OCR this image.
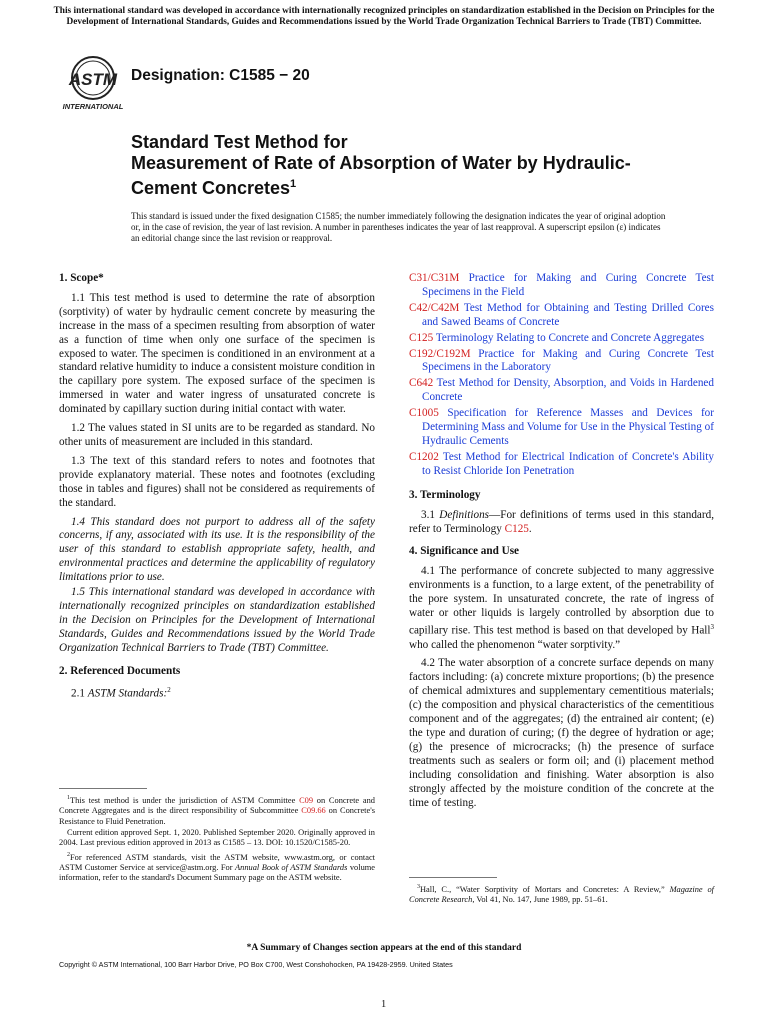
This international standard was developed in accordance with internationally recognized principles on standardization established in the Decision on Principles for the Development of International Standards, Guides and Recommendations issued by the World Trade Organization Technical Barriers to Trade (TBT) Committee.
ASTM
INTERNATIONAL
Designation: C1585 − 20
Standard Test Method for
Measurement of Rate of Absorption of Water by Hydraulic-
Cement Concretes$^1$

This standard is issued under the fixed designation C1585; the number immediately following the designation indicates the year of original adoption or, in the case of revision, the year of last revision. A number in parentheses indicates the year of last reapproval. A superscript epsilon (ε) indicates an editorial change since the last revision or reapproval.

1. Scope*

1.1 This test method is used to determine the rate of absorption (sorptivity) of water by hydraulic cement concrete by measuring the increase in the mass of a specimen resulting from absorption of water as a function of time when only one surface of the specimen is exposed to water. The specimen is conditioned in an environment at a standard relative humidity to induce a consistent moisture condition in the capillary pore system. The exposed surface of the specimen is immersed in water and water ingress of unsaturated concrete is dominated by capillary suction during initial contact with water.

1.2 The values stated in SI units are to be regarded as standard. No other units of measurement are included in this standard.

1.3 The text of this standard refers to notes and footnotes that provide explanatory material. These notes and footnotes (excluding those in tables and figures) shall not be considered as requirements of the standard.

1.4 This standard does not purport to address all of the safety concerns, if any, associated with its use. It is the responsibility of the user of this standard to establish appropriate safety, health, and environmental practices and determine the applicability of regulatory limitations prior to use.

1.5 This international standard was developed in accordance with internationally recognized principles on standardization established in the Decision on Principles for the Development of International Standards, Guides and Recommendations issued by the World Trade Organization Technical Barriers to Trade (TBT) Committee.

2. Referenced Documents

2.1 ASTM Standards:$^2$

$^1$This test method is under the jurisdiction of ASTM Committee C09 on Concrete and Concrete Aggregates and is the direct responsibility of Subcommittee C09.66 on Concrete's Resistance to Fluid Penetration.

Current edition approved Sept. 1, 2020. Published September 2020. Originally approved in 2004. Last previous edition approved in 2013 as C1585 – 13. DOI: 10.1520/C1585-20.

$^2$For referenced ASTM standards, visit the ASTM website, www.astm.org, or contact ASTM Customer Service at service@astm.org. For Annual Book of ASTM Standards volume information, refer to the standard's Document Summary page on the ASTM website.

C31/C31M Practice for Making and Curing Concrete Test Specimens in the Field

C42/C42M Test Method for Obtaining and Testing Drilled Cores and Sawed Beams of Concrete

C125 Terminology Relating to Concrete and Concrete Aggregates

C192/C192M Practice for Making and Curing Concrete Test Specimens in the Laboratory

C642 Test Method for Density, Absorption, and Voids in Hardened Concrete

C1005 Specification for Reference Masses and Devices for Determining Mass and Volume for Use in the Physical Testing of Hydraulic Cements

C1202 Test Method for Electrical Indication of Concrete's Ability to Resist Chloride Ion Penetration

3. Terminology

3.1 Definitions—For definitions of terms used in this standard, refer to Terminology C125.

4. Significance and Use

4.1 The performance of concrete subjected to many aggressive environments is a function, to a large extent, of the penetrability of the pore system. In unsaturated concrete, the rate of ingress of water or other liquids is largely controlled by absorption due to capillary rise. This test method is based on that developed by Hall$^3$ who called the phenomenon “water sorptivity.”

4.2 The water absorption of a concrete surface depends on many factors including: (a) concrete mixture proportions; (b) the presence of chemical admixtures and supplementary cementitious materials; (c) the composition and physical characteristics of the cementitious component and of the aggregates; (d) the entrained air content; (e) the type and duration of curing; (f) the degree of hydration or age; (g) the presence of microcracks; (h) the presence of surface treatments such as sealers or form oil; and (i) placement method including consolidation and finishing. Water absorption is also strongly affected by the moisture condition of the concrete at the time of testing.

$^3$Hall, C., “Water Sorptivity of Mortars and Concretes: A Review,” Magazine of Concrete Research, Vol 41, No. 147, June 1989, pp. 51–61.

*A Summary of Changes section appears at the end of this standard
Copyright © ASTM International, 100 Barr Harbor Drive, PO Box C700, West Conshohocken, PA 19428-2959. United States
1
